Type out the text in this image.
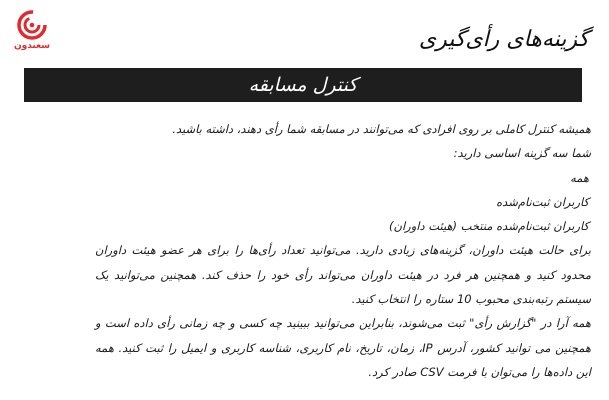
سعندون	گزینه‌های رأی‌گیری
کنترل مسابقه

همیشه کنترل کاملی بر روی افرادی که می‌توانند در مسابقه شما رأی دهند، داشته باشید.

شما سه گزینه اساسی دارید:

همه

کاربران ثبت‌نام‌شده

کاربران ثبت‌نام‌شده منتخب (هیئت داوران)

برای حالت هیئت داوران، گزینه‌های زیادی دارید. می‌توانید تعداد رأی‌ها را برای هر عضو هیئت داوران محدود کنید و همچنین هر فرد در هیئت داوران می‌تواند رأی خود را حذف کند. همچنین می‌توانید یک سیستم رتبه‌بندی محبوب 10 ستاره را انتخاب کنید.

همه آرا در "گزارش رأی" ثبت می‌شوند، بنابراین می‌توانید ببینید چه کسی و چه زمانی رأی داده است و همچنین می توانید کشور، آدرس IP، زمان، تاریخ، نام کاربری، شناسه کاربری و ایمیل را ثبت کنید. همه این داده‌ها را می‌توان با فرمت CSV صادر کرد.
